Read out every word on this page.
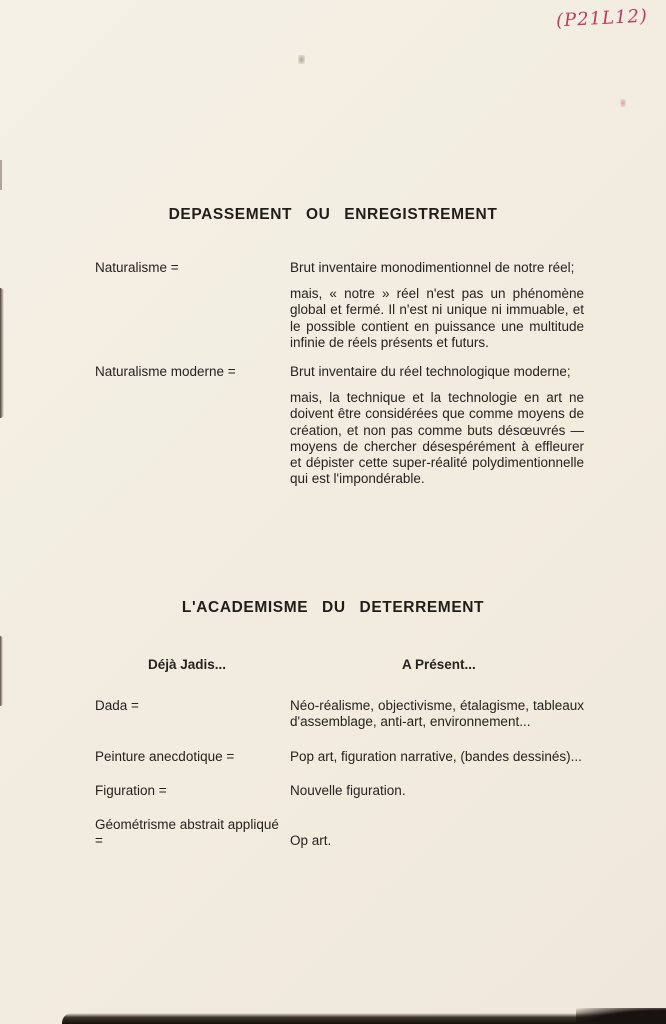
(P21L12)
DEPASSEMENT OU ENREGISTREMENT
Naturalisme =	Brut inventaire monodimentionnel de notre réel;

mais, « notre » réel n'est pas un phénomène global et fermé. Il n'est ni unique ni immuable, et le possible contient en puissance une multitude infinie de réels présents et futurs.

Naturalisme moderne =	Brut inventaire du réel technologique moderne;

mais, la technique et la technologie en art ne doivent être considérées que comme moyens de création, et non pas comme buts désœuvrés — moyens de chercher désespérément à effleurer et dépister cette super-réalité polydimentionnelle qui est l'impondérable.

L'ACADEMISME DU DETERREMENT
Déjà Jadis...	A Présent...
Dada =	Néo-réalisme, objectivisme, étalagisme, tableaux d'assemblage, anti-art, environnement...
Peinture anecdotique =	Pop art, figuration narrative, (bandes dessinés)...
Figuration =	Nouvelle figuration.
Géométrisme abstrait appliqué =	Op art.
